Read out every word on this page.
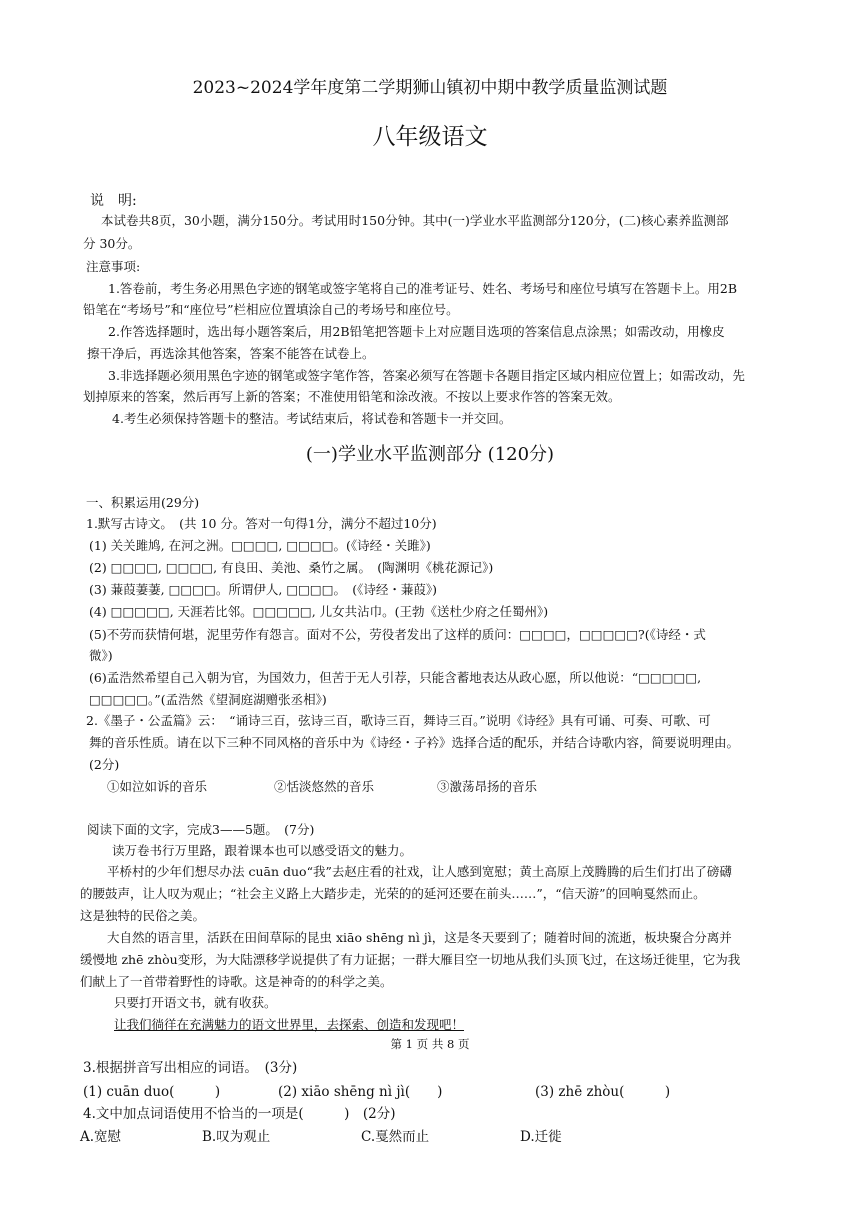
2023~2024学年度第二学期狮山镇初中期中教学质量监测试题
八年级语文
说　明:
本试卷共8页，30小题，满分150分。考试用时150分钟。其中(一)学业水平监测部分120分，(二)核心素养监测部
分 30分。
注意事项:
1.答卷前，考生务必用黑色字迹的钢笔或签字笔将自己的准考证号、姓名、考场号和座位号填写在答题卡上。用2B
铅笔在“考场号”和“座位号”栏相应位置填涂自己的考场号和座位号。
2.作答选择题时，选出每小题答案后，用2B铅笔把答题卡上对应题目选项的答案信息点涂黑；如需改动，用橡皮
擦干净后，再选涂其他答案，答案不能答在试卷上。
3.非选择题必须用黑色字迹的钢笔或签字笔作答，答案必须写在答题卡各题目指定区域内相应位置上；如需改动，先
划掉原来的答案，然后再写上新的答案；不准使用铅笔和涂改液。不按以上要求作答的答案无效。
4.考生必须保持答题卡的整洁。考试结束后，将试卷和答题卡一并交回。
(一)学业水平监测部分 (120分)
一、积累运用(29分)
1.默写古诗文。　(共 10 分。答对一句得1分，满分不超过10分)
(1) 关关雎鸠, 在河之洲。□□□□, □□□□。(《诗经・关雎》)
(2) □□□□, □□□□, 有良田、美池、桑竹之属。　(陶渊明《桃花源记》)
(3) 蒹葭萋萋, □□□□。所谓伊人, □□□□。　(《诗经・蒹葭》)
(4) □□□□□, 天涯若比邻。□□□□□, 儿女共沾巾。(王勃《送杜少府之任蜀州》)
(5)不劳而获情何堪，泥里劳作有怨言。面对不公，劳役者发出了这样的质问：□□□□，□□□□□?(《诗经・式
微》)
(6)孟浩然希望自己入朝为官，为国效力，但苦于无人引荐，只能含蓄地表达从政心愿，所以他说：“□□□□□,
□□□□□。”(孟浩然《望洞庭湖赠张丞相》)
2.《墨子・公孟篇》云：　“诵诗三百，弦诗三百，歌诗三百，舞诗三百。”说明《诗经》具有可诵、可奏、可歌、可
舞的音乐性质。请在以下三种不同风格的音乐中为《诗经・子衿》选择合适的配乐，并结合诗歌内容，简要说明理由。
(2分)
①如泣如诉的音乐	②恬淡悠然的音乐	③激荡昂扬的音乐
阅读下面的文字，完成3——5题。　(7分)
读万卷书行万里路，跟着课本也可以感受语文的魅力。
平桥村的少年们想尽办法 cuān duo“我”去赵庄看的社戏，让人感到宽慰；黄土高原上茂腾腾的后生们打出了磅礴
的腰鼓声，让人叹为观止；“社会主义路上大踏步走，光荣的的延河还要在前头……”，“信天游”的回响戛然而止。
这是独特的民俗之美。
大自然的语言里，活跃在田间草际的昆虫 xiāo shēng nì jì，这是冬天要到了；随着时间的流逝，板块聚合分离并
缓慢地 zhē zhòu变形，为大陆漂移学说提供了有力证据；一群大雁目空一切地从我们头顶飞过，在这场迁徙里，它为我
们献上了一首带着野性的诗歌。这是神奇的的科学之美。
只要打开语文书，就有收获。
让我们徜徉在充满魅力的语文世界里，去探索、创造和发现吧！
第 1 页 共 8 页
3.根据拼音写出相应的词语。　(3分)
(1) cuān duo(　　　)	(2) xiāo shēng nì jì(　　)	(3) zhē zhòu(　　　)
4.文中加点词语使用不恰当的一项是(　　　)　(2分)
A.宽慰	B.叹为观止	C.戛然而止	D.迁徙
